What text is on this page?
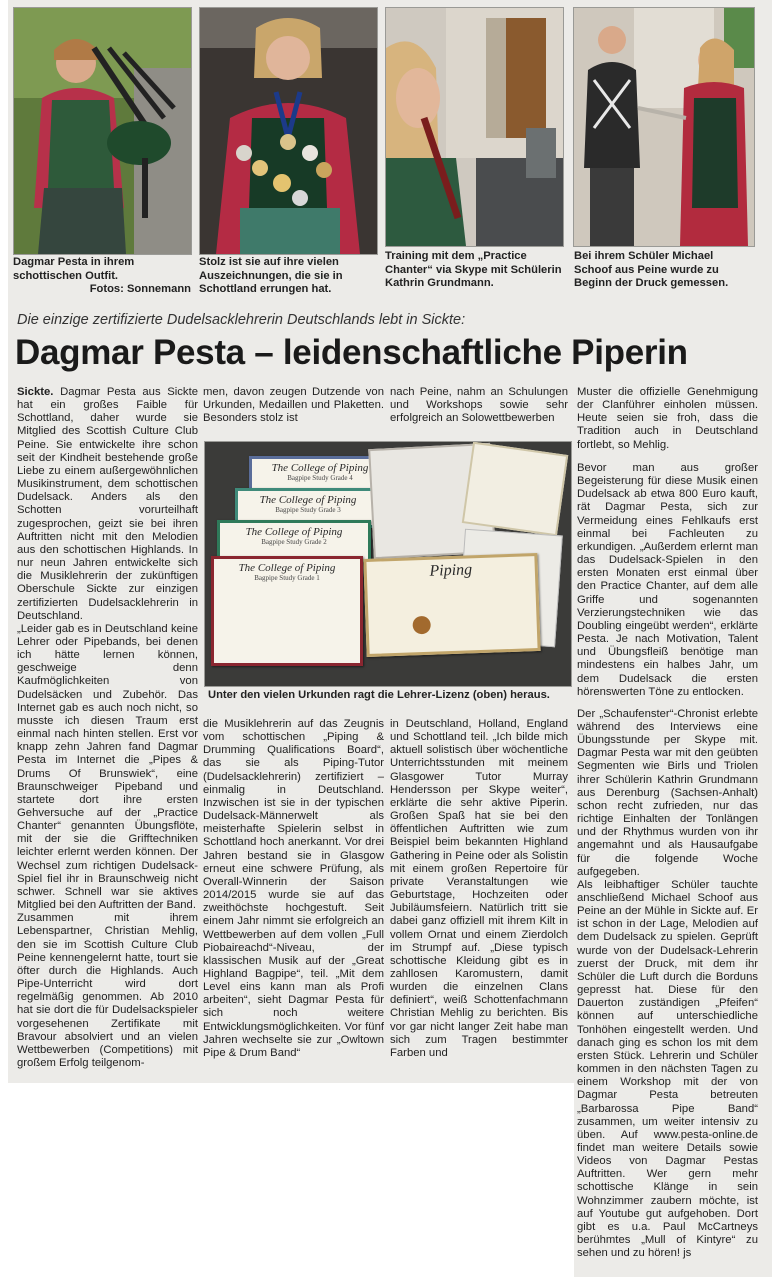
Dagmar Pesta in ihrem schottischen Outfit.
Fotos: Sonnemann
Stolz ist sie auf ihre vielen Auszeichnungen, die sie in Schottland errungen hat.
Training mit dem „Practice Chanter“ via Skype mit Schülerin Kathrin Grundmann.
Bei ihrem Schüler Michael Schoof aus Peine wurde zu Beginn der Druck gemessen.
Die einzige zertifizierte Dudelsacklehrerin Deutschlands lebt in Sickte:
Dagmar Pesta – leidenschaftliche Piperin

Sickte. Dagmar Pesta aus Sickte hat ein großes Faible für Schottland, daher wurde sie Mitglied des Scottish Culture Club Peine. Sie entwickelte ihre schon seit der Kindheit bestehende große Liebe zu einem außergewöhnlichen Musikinstrument, dem schottischen Dudelsack. Anders als den Schotten vorurteilhaft zugesprochen, geizt sie bei ihren Auftritten nicht mit den Melodien aus den schottischen Highlands. In nur neun Jahren entwickelte sich die Musiklehrerin der zukünftigen Oberschule Sickte zur einzigen zertifizierten Dudelsacklehrerin in Deutschland.

„Leider gab es in Deutschland keine Lehrer oder Pipebands, bei denen ich hätte lernen können, geschweige denn Kaufmöglichkeiten von Dudelsäcken und Zubehör. Das Internet gab es auch noch nicht, so musste ich diesen Traum erst einmal nach hinten stellen. Erst vor knapp zehn Jahren fand Dagmar Pesta im Internet die „Pipes & Drums Of Brunswiek“, eine Braunschweiger Pipeband und startete dort ihre ersten Gehversuche auf der „Practice Chanter“ genannten Übungsflöte, mit der sie die Grifftechniken leichter erlernt werden können. Der Wechsel zum richtigen Dudelsack-Spiel fiel ihr in Braunschweig nicht schwer. Schnell war sie aktives Mitglied bei den Auftritten der Band.

Zusammen mit ihrem Lebenspartner, Christian Mehlig, den sie im Scottish Culture Club Peine kennengelernt hatte, tourt sie öfter durch die Highlands. Auch Pipe-Unterricht wird dort regelmäßig genommen. Ab 2010 hat sie dort die für Dudelsackspieler vorgesehenen Zertifikate mit Bravour absolviert und an vielen Wettbewerben (Competitions) mit großem Erfolg teilgenom-

men, davon zeugen Dutzende von Urkunden, Medaillen und Plaketten. Besonders stolz ist
nach Peine, nahm an Schulungen und Workshops sowie sehr erfolgreich an Solowettbewerben
Muster die offizielle Genehmigung der Clanführer einholen müssen. Heute seien sie froh, dass die Tradition auch in Deutschland fortlebt, so Mehlig.
The College of Piping
Bagpipe Study Grade 4
The College of Piping
Bagpipe Study Grade 3
The College of Piping
Bagpipe Study Grade 2
The College of Piping
Bagpipe Study Grade 1	Piping
Unter den vielen Urkunden ragt die Lehrer-Lizenz (oben) heraus.
die Musiklehrerin auf das Zeugnis vom schottischen „Piping & Drumming Qualifications Board“, das sie als Piping-Tutor (Dudelsacklehrerin) zertifiziert – einmalig in Deutschland. Inzwischen ist sie in der typischen Dudelsack-Männerwelt als meisterhafte Spielerin selbst in Schottland hoch anerkannt. Vor drei Jahren bestand sie in Glasgow erneut eine schwere Prüfung, als Overall-Winnerin der Saison 2014/2015 wurde sie auf das zweithöchste hochgestuft. Seit einem Jahr nimmt sie erfolgreich an Wettbewerben auf dem vollen „Full Piobaireachd“-Niveau, der klassischen Musik auf der „Great Highland Bagpipe“, teil. „Mit dem Level eins kann man als Profi arbeiten“, sieht Dagmar Pesta für sich noch weitere Entwicklungsmöglichkeiten. Vor fünf Jahren wechselte sie zur „Owltown Pipe & Drum Band“
in Deutschland, Holland, England und Schottland teil. „Ich bilde mich aktuell solistisch über wöchentliche Unterrichtsstunden mit meinem Glasgower Tutor Murray Hendersson per Skype weiter“, erklärte die sehr aktive Piperin. Großen Spaß hat sie bei den öffentlichen Auftritten wie zum Beispiel beim bekannten Highland Gathering in Peine oder als Solistin mit einem großen Repertoire für private Veranstaltungen wie Geburtstage, Hochzeiten oder Jubiläumsfeiern. Natürlich tritt sie dabei ganz offiziell mit ihrem Kilt in vollem Ornat und einem Zierdolch im Strumpf auf. „Diese typisch schottische Kleidung gibt es in zahllosen Karomustern, damit wurden die einzelnen Clans definiert“, weiß Schottenfachmann Christian Mehlig zu berichten. Bis vor gar nicht langer Zeit habe man sich zum Tragen bestimmter Farben und

Bevor man aus großer Begeisterung für diese Musik einen Dudelsack ab etwa 800 Euro kauft, rät Dagmar Pesta, sich zur Vermeidung eines Fehlkaufs erst einmal bei Fachleuten zu erkundigen. „Außerdem erlernt man das Dudelsack-Spielen in den ersten Monaten erst einmal über den Practice Chanter, auf dem alle Griffe und sogenannten Verzierungstechniken wie das Doubling eingeübt werden“, erklärte Pesta. Je nach Motivation, Talent und Übungsfleiß benötige man mindestens ein halbes Jahr, um dem Dudelsack die ersten hörenswerten Töne zu entlocken.

Der „Schaufenster“-Chronist erlebte während des Interviews eine Übungsstunde per Skype mit. Dagmar Pesta war mit den geübten Segmenten wie Birls und Triolen ihrer Schülerin Kathrin Grundmann aus Derenburg (Sachsen-Anhalt) schon recht zufrieden, nur das richtige Einhalten der Tonlängen und der Rhythmus wurden von ihr angemahnt und als Hausaufgabe für die folgende Woche aufgegeben.

Als leibhaftiger Schüler tauchte anschließend Michael Schoof aus Peine an der Mühle in Sickte auf. Er ist schon in der Lage, Melodien auf dem Dudelsack zu spielen. Geprüft wurde von der Dudelsack-Lehrerin zuerst der Druck, mit dem ihr Schüler die Luft durch die Borduns gepresst hat. Diese für den Dauerton zuständigen „Pfeifen“ können auf unterschiedliche Tonhöhen eingestellt werden. Und danach ging es schon los mit dem ersten Stück. Lehrerin und Schüler kommen in den nächsten Tagen zu einem Workshop mit der von Dagmar Pesta betreuten „Barbarossa Pipe Band“ zusammen, um weiter intensiv zu üben. Auf www.pesta-online.de findet man weitere Details sowie Videos von Dagmar Pestas Auftritten. Wer gern mehr schottische Klänge in sein Wohnzimmer zaubern möchte, ist auf Youtube gut aufgehoben. Dort gibt es u.a. Paul McCartneys berühmtes „Mull of Kintyre“ zu sehen und zu hören! js
